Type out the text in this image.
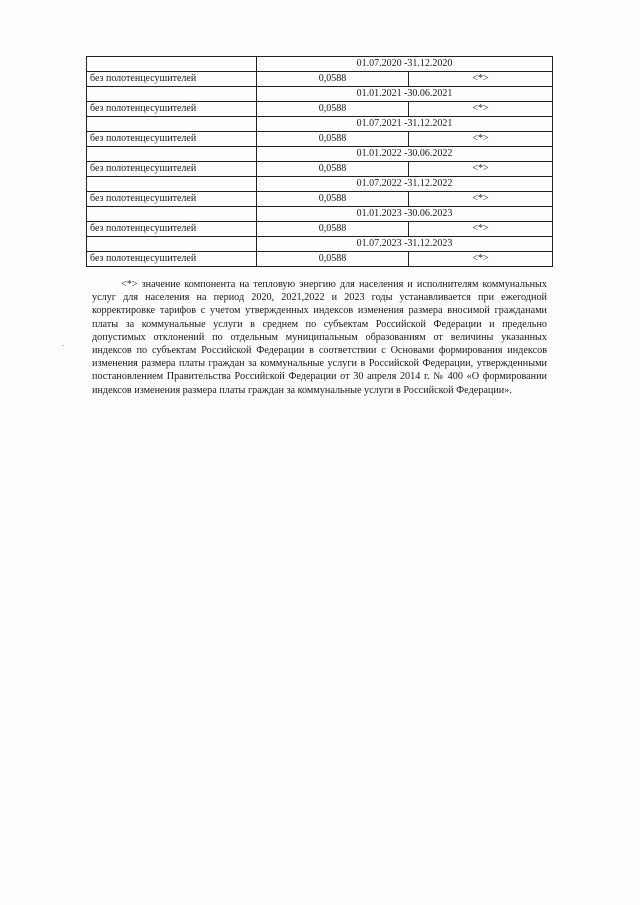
	01.07.2020 -31.12.2020	
без полотенцесушителей	0,0588	<*>
	01.01.2021 -30.06.2021	
без полотенцесушителей	0,0588	<*>
	01.07.2021 -31.12.2021	
без полотенцесушителей	0,0588	<*>
	01.01.2022 -30.06.2022	
без полотенцесушителей	0,0588	<*>
	01.07.2022 -31.12.2022	
без полотенцесушителей	0,0588	<*>
	01.01.2023 -30.06.2023	
без полотенцесушителей	0,0588	<*>
	01.07.2023 -31.12.2023	
без полотенцесушителей	0,0588	<*>

<*> значение компонента на тепловую энергию для населения и исполнителям коммунальных услуг для населения на период 2020, 2021,2022 и 2023 годы устанавливается при ежегодной корректировке тарифов с учетом утвержденных индексов изменения размера вносимой гражданами платы за коммунальные услуги в среднем по субъектам Российской Федерации и предельно допустимых отклонений по отдельным муниципальным образованиям от величины указанных индексов по субъектам Российской Федерации в соответствии с Основами формирования индексов изменения размера платы граждан за коммунальные услуги в Российской Федерации, утвержденными постановлением Правительства Российской Федерации от 30 апреля 2014 г. № 400 «О формировании индексов изменения размера платы граждан за коммунальные услуги в Российской Федерации».
